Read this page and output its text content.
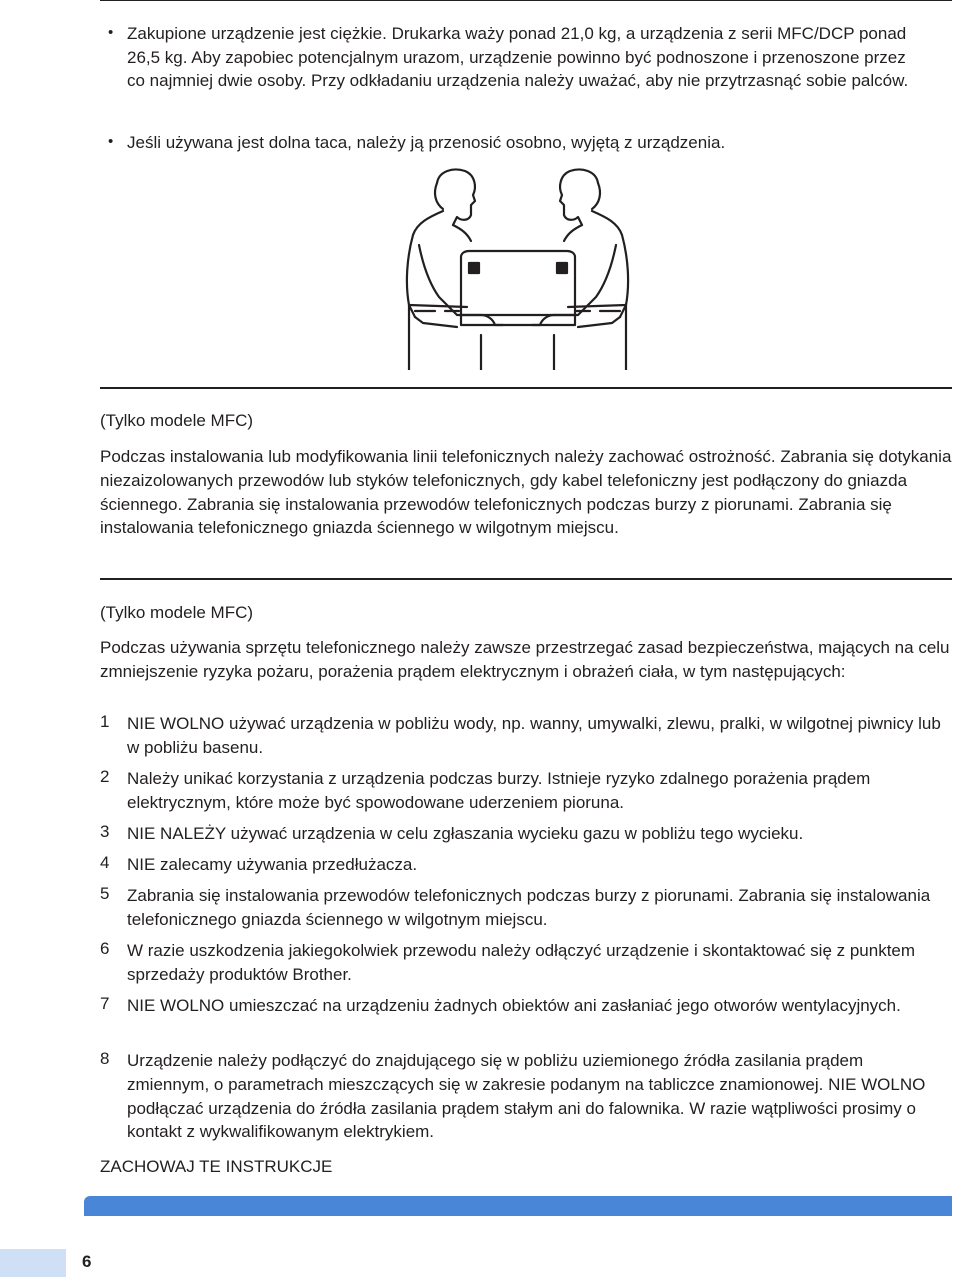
• Zakupione urządzenie jest ciężkie. Drukarka waży ponad 21,0 kg, a urządzenia z serii MFC/DCP ponad 26,5 kg. Aby zapobiec potencjalnym urazom, urządzenie powinno być podnoszone i przenoszone przez co najmniej dwie osoby. Przy odkładaniu urządzenia należy uważać, aby nie przytrzasnąć sobie palców.
• Jeśli używana jest dolna taca, należy ją przenosić osobno, wyjętą z urządzenia.
(Tylko modele MFC)
Podczas instalowania lub modyfikowania linii telefonicznych należy zachować ostrożność. Zabrania się dotykania niezaizolowanych przewodów lub styków telefonicznych, gdy kabel telefoniczny jest podłączony do gniazda ściennego. Zabrania się instalowania przewodów telefonicznych podczas burzy z piorunami. Zabrania się instalowania telefonicznego gniazda ściennego w wilgotnym miejscu.
(Tylko modele MFC)
Podczas używania sprzętu telefonicznego należy zawsze przestrzegać zasad bezpieczeństwa, mających na celu zmniejszenie ryzyka pożaru, porażenia prądem elektrycznym i obrażeń ciała, w tym następujących:
1 NIE WOLNO używać urządzenia w pobliżu wody, np. wanny, umywalki, zlewu, pralki, w wilgotnej piwnicy lub w pobliżu basenu.
2 Należy unikać korzystania z urządzenia podczas burzy. Istnieje ryzyko zdalnego porażenia prądem elektrycznym, które może być spowodowane uderzeniem pioruna.
3 NIE NALEŻY używać urządzenia w celu zgłaszania wycieku gazu w pobliżu tego wycieku.
4 NIE zalecamy używania przedłużacza.
5 Zabrania się instalowania przewodów telefonicznych podczas burzy z piorunami. Zabrania się instalowania telefonicznego gniazda ściennego w wilgotnym miejscu.
6 W razie uszkodzenia jakiegokolwiek przewodu należy odłączyć urządzenie i skontaktować się z punktem sprzedaży produktów Brother.
7 NIE WOLNO umieszczać na urządzeniu żadnych obiektów ani zasłaniać jego otworów wentylacyjnych.
8 Urządzenie należy podłączyć do znajdującego się w pobliżu uziemionego źródła zasilania prądem zmiennym, o parametrach mieszczących się w zakresie podanym na tabliczce znamionowej. NIE WOLNO podłączać urządzenia do źródła zasilania prądem stałym ani do falownika. W razie wątpliwości prosimy o kontakt z wykwalifikowanym elektrykiem.
ZACHOWAJ TE INSTRUKCJE
6
